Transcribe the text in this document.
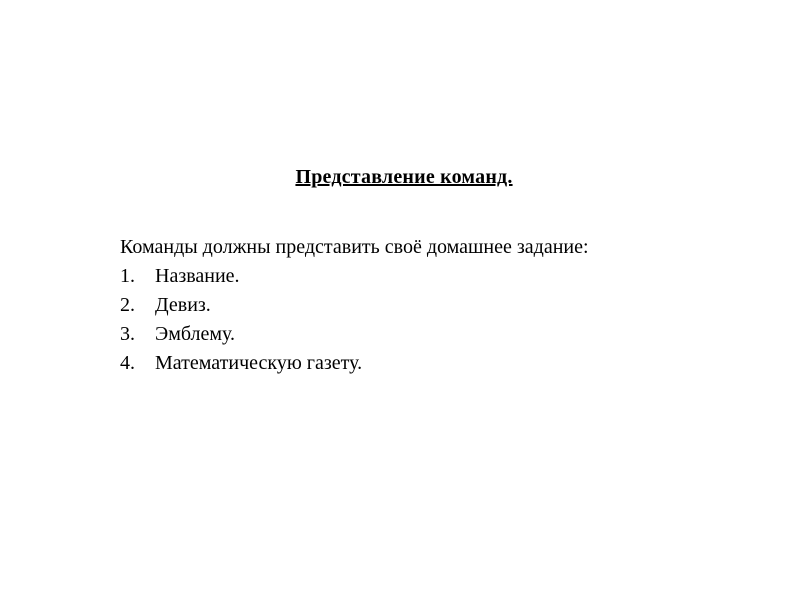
Представление команд.

Команды должны представить своё домашнее задание:

1.	Название.
2.	Девиз.
3.	Эмблему.
4.	Математическую газету.
